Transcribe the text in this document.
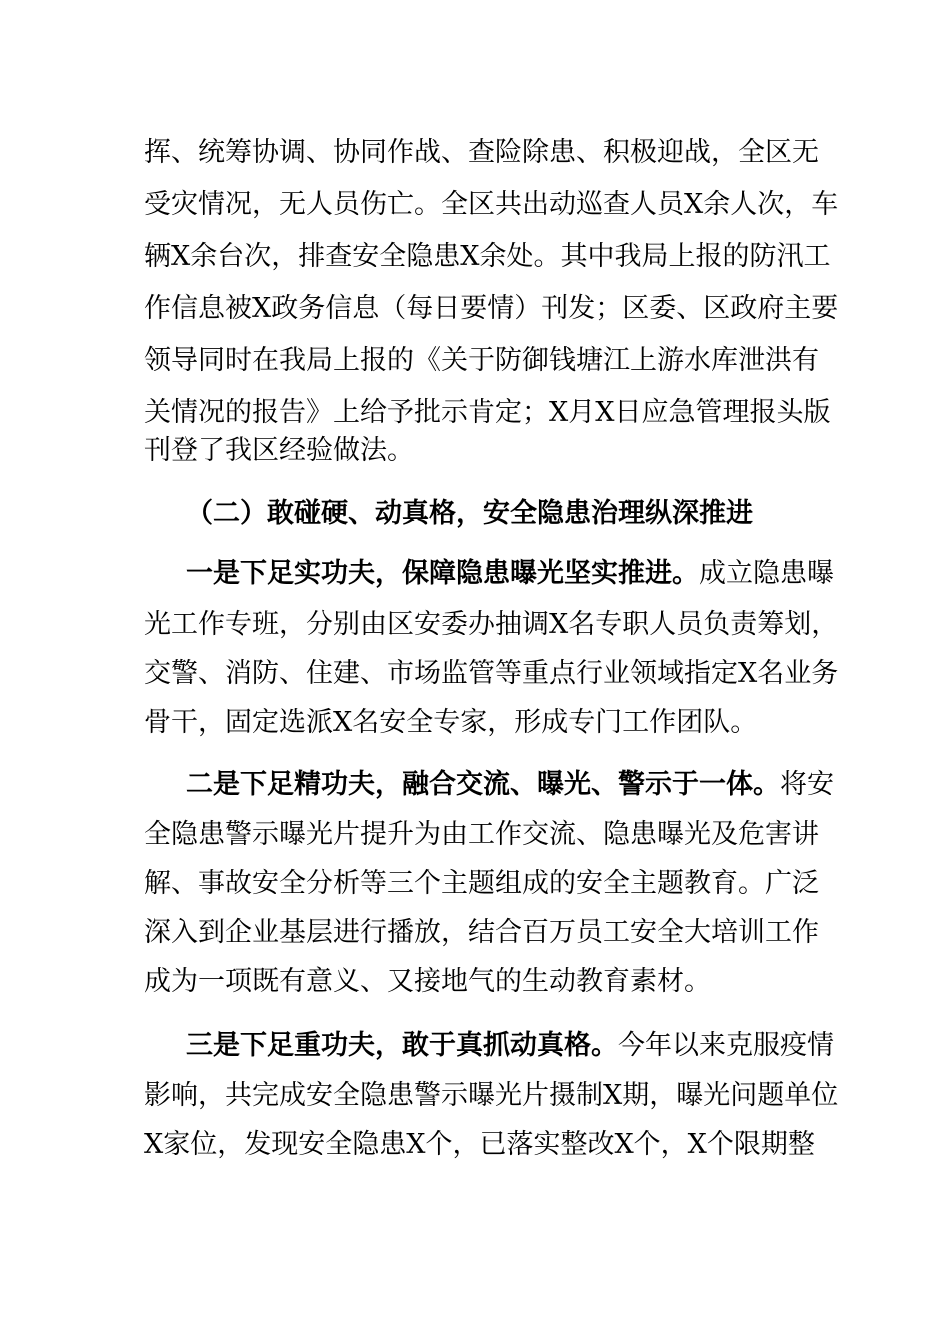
挥、统筹协调、协同作战、查险除患、积极迎战，全区无
受灾情况，无人员伤亡。全区共出动巡查人员X余人次，车
辆X余台次，排查安全隐患X余处。其中我局上报的防汛工
作信息被X政务信息（每日要情）刊发；区委、区政府主要
领导同时在我局上报的《关于防御钱塘江上游水库泄洪有
关情况的报告》上给予批示肯定；X月X日应急管理报头版
刊登了我区经验做法。
（二）敢碰硬、动真格，安全隐患治理纵深推进
一是下足实功夫，保障隐患曝光坚实推进。成立隐患曝
光工作专班，分别由区安委办抽调X名专职人员负责筹划，
交警、消防、住建、市场监管等重点行业领域指定X名业务
骨干，固定选派X名安全专家，形成专门工作团队。
二是下足精功夫，融合交流、曝光、警示于一体。将安
全隐患警示曝光片提升为由工作交流、隐患曝光及危害讲
解、事故安全分析等三个主题组成的安全主题教育。广泛
深入到企业基层进行播放，结合百万员工安全大培训工作
成为一项既有意义、又接地气的生动教育素材。
三是下足重功夫，敢于真抓动真格。今年以来克服疫情
影响，共完成安全隐患警示曝光片摄制X期，曝光问题单位
X家位，发现安全隐患X个，已落实整改X个，X个限期整
